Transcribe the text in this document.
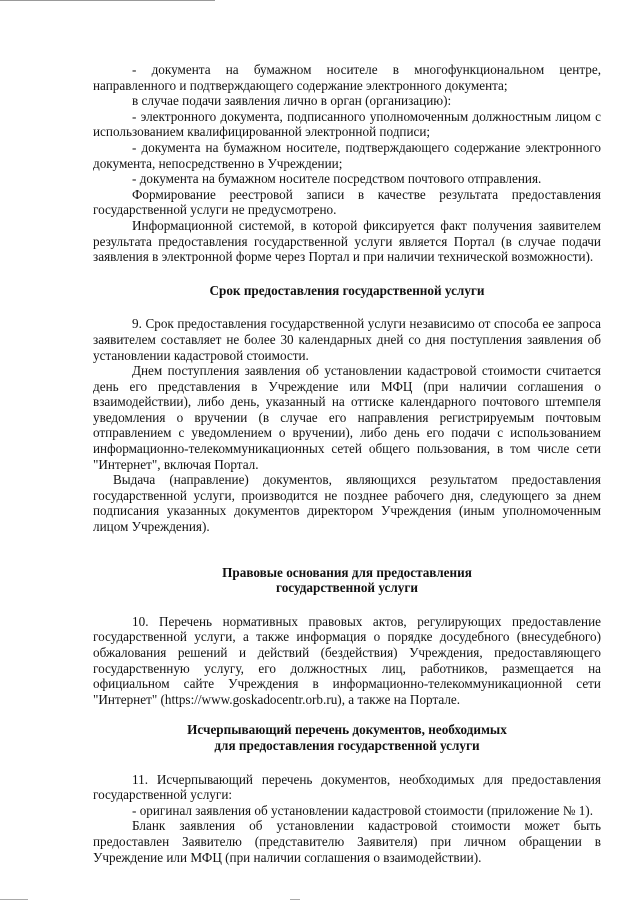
- документа на бумажном носителе в многофункциональном центре, направленного и подтверждающего содержание электронного документа;

в случае подачи заявления лично в орган (организацию):

- электронного документа, подписанного уполномоченным должностным лицом с использованием квалифицированной электронной подписи;

- документа на бумажном носителе, подтверждающего содержание электронного документа, непосредственно в Учреждении;

- документа на бумажном носителе посредством почтового отправления.

Формирование реестровой записи в качестве результата предоставления государственной услуги не предусмотрено.

Информационной системой, в которой фиксируется факт получения заявителем результата предоставления государственной услуги является Портал (в случае подачи заявления в электронной форме через Портал и при наличии технической возможности).

Срок предоставления государственной услуги

9. Срок предоставления государственной услуги независимо от способа ее запроса заявителем составляет не более 30 календарных дней со дня поступления заявления об установлении кадастровой стоимости.

Днем поступления заявления об установлении кадастровой стоимости считается день его представления в Учреждение или МФЦ (при наличии соглашения о взаимодействии), либо день, указанный на оттиске календарного почтового штемпеля уведомления о вручении (в случае его направления регистрируемым почтовым отправлением с уведомлением о вручении), либо день его подачи с использованием информационно-телекоммуникационных сетей общего пользования, в том числе сети "Интернет", включая Портал.

Выдача (направление) документов, являющихся результатом предоставления государственной услуги, производится не позднее рабочего дня, следующего за днем подписания указанных документов директором Учреждения (иным уполномоченным лицом Учреждения).

Правовые основания для предоставления
государственной услуги

10. Перечень нормативных правовых актов, регулирующих предоставление государственной услуги, а также информация о порядке досудебного (внесудебного) обжалования решений и действий (бездействия) Учреждения, предоставляющего государственную услугу, его должностных лиц, работников, размещается на официальном сайте Учреждения в информационно-телекоммуникационной сети "Интернет" (https://www.goskadocentr.orb.ru), а также на Портале.

Исчерпывающий перечень документов, необходимых
для предоставления государственной услуги

11. Исчерпывающий перечень документов, необходимых для предоставления государственной услуги:

- оригинал заявления об установлении кадастровой стоимости (приложение № 1).

Бланк заявления об установлении кадастровой стоимости может быть предоставлен Заявителю (представителю Заявителя) при личном обращении в Учреждение или МФЦ (при наличии соглашения о взаимодействии).
